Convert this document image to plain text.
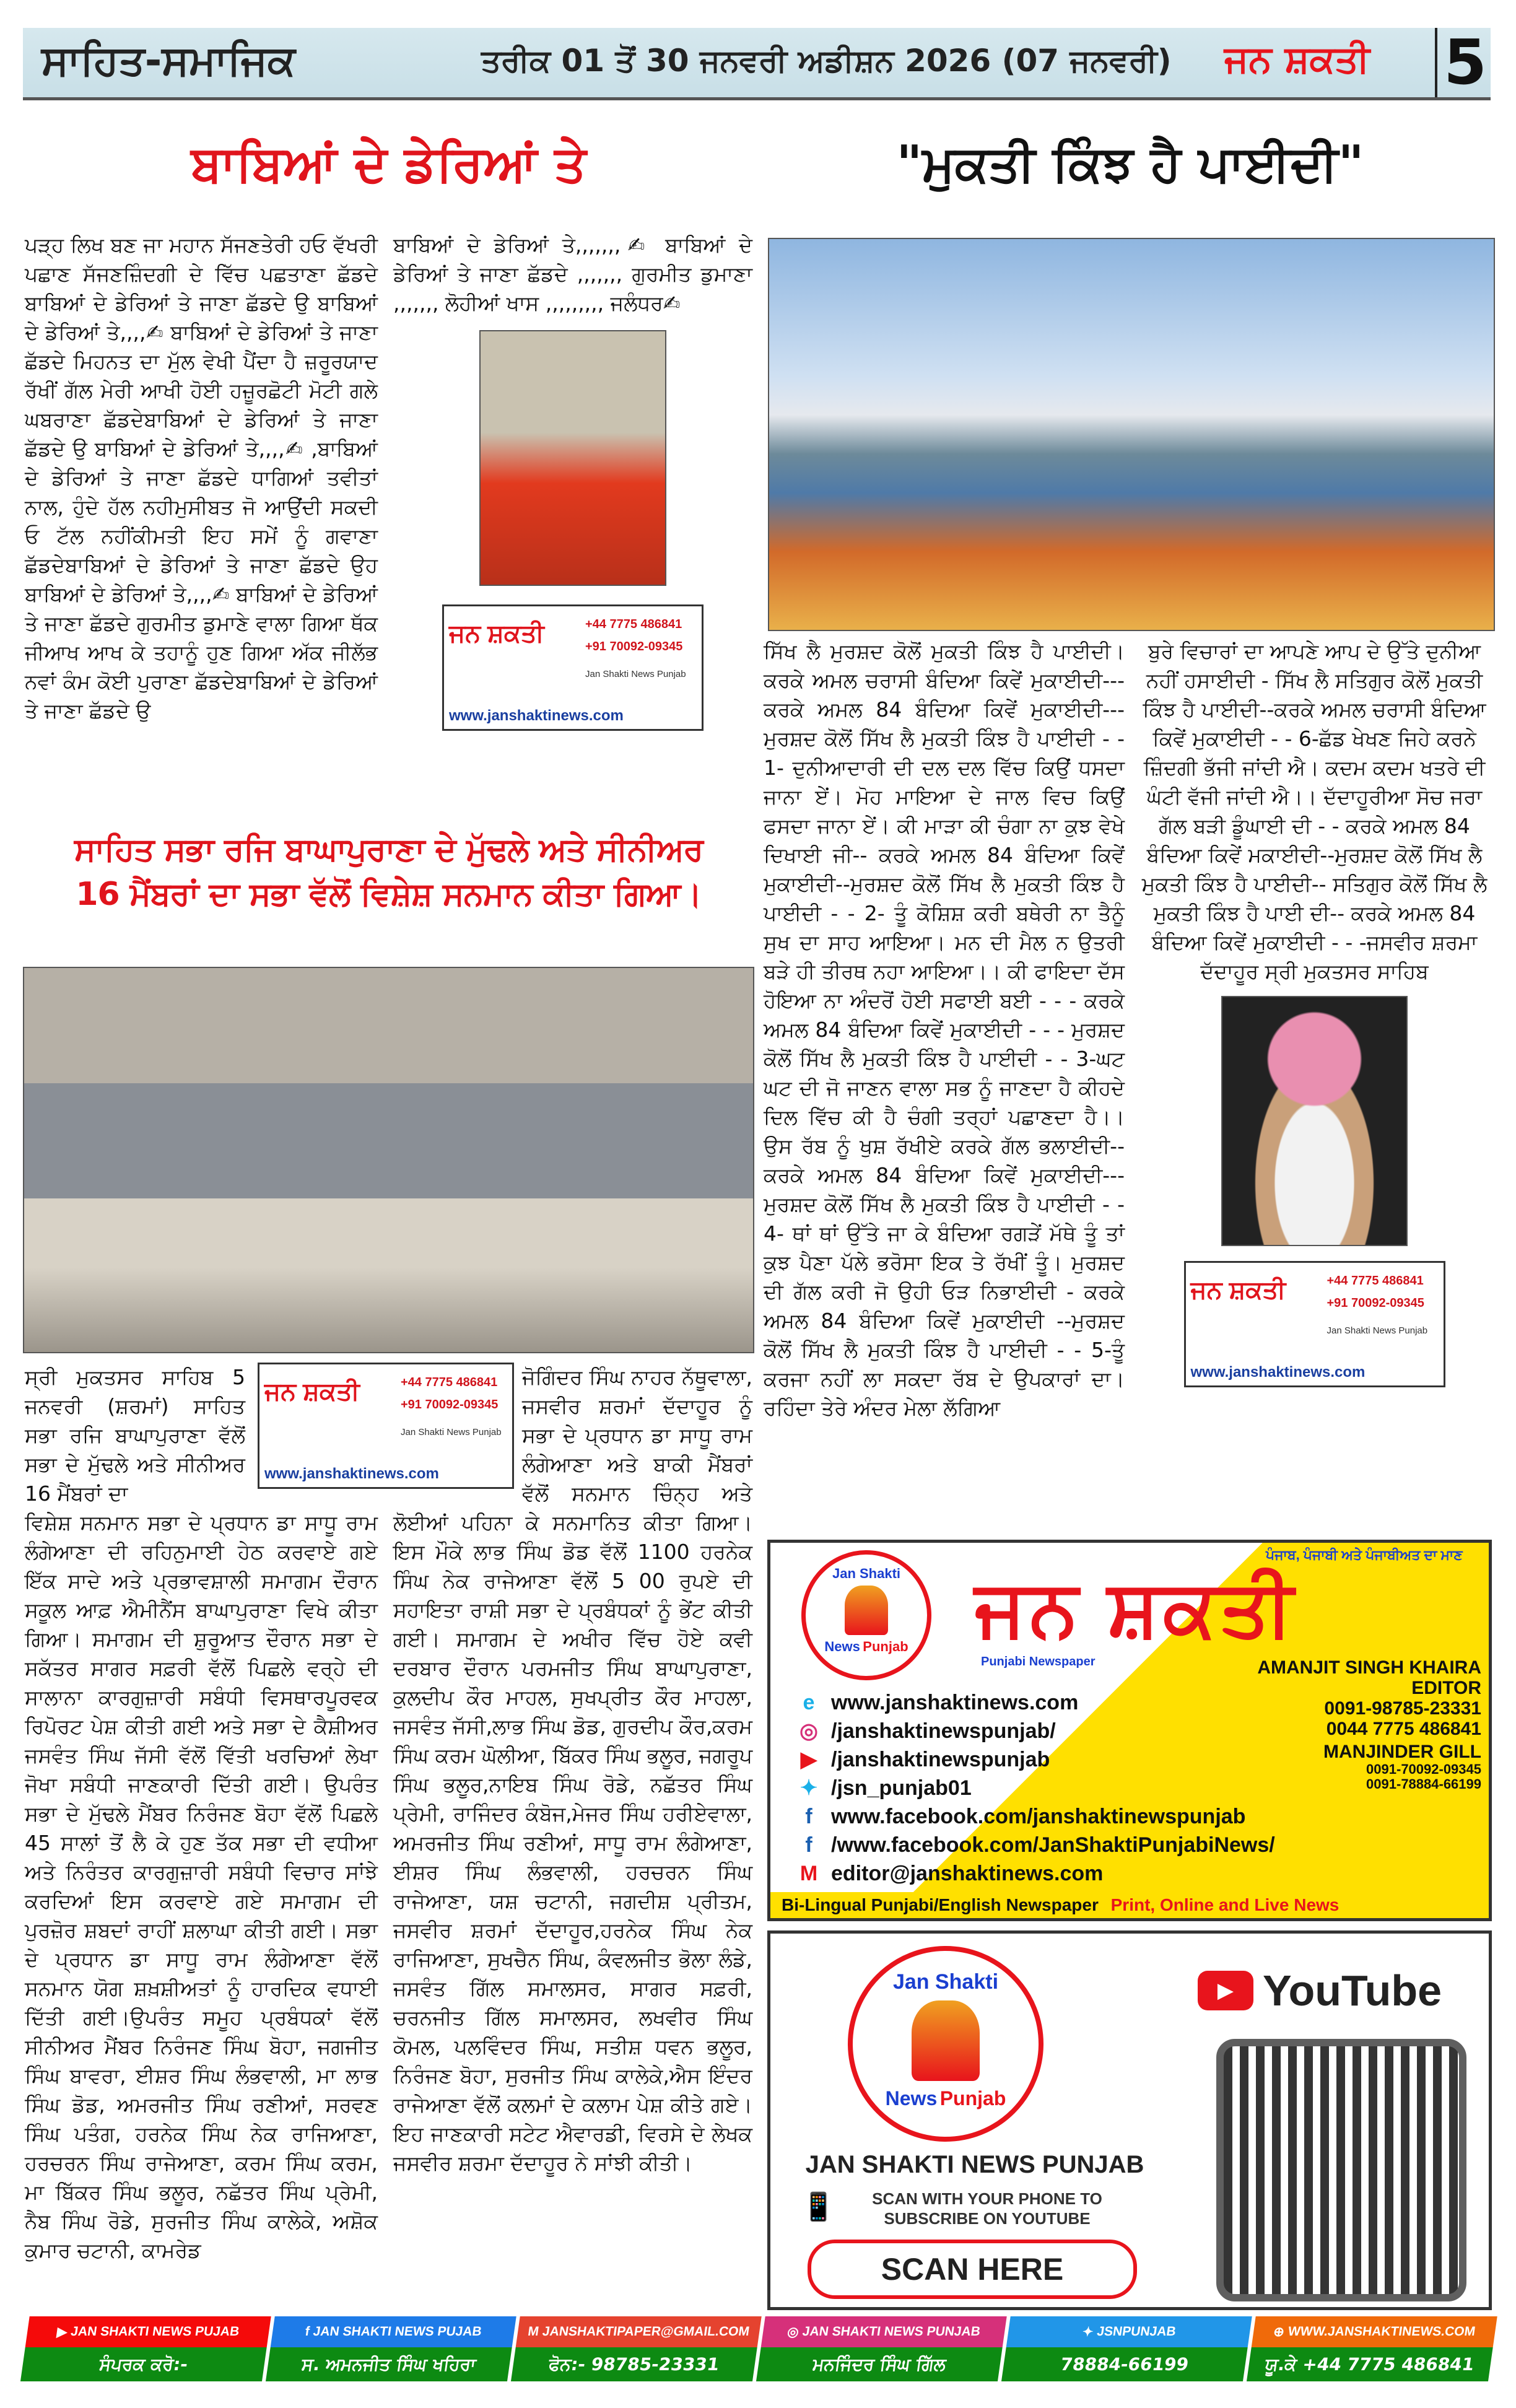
ਸਾਹਿਤ-ਸਮਾਜਿਕ	ਤਰੀਕ 01 ਤੋਂ 30 ਜਨਵਰੀ ਅਡੀਸ਼ਨ 2026 (07 ਜਨਵਰੀ) ਜਨ ਸ਼ਕਤੀ 5
ਬਾਬਿਆਂ ਦੇ ਡੇਰਿਆਂ ਤੇ
ਪੜ੍ਹ ਲਿਖ ਬਣ ਜਾ ਮਹਾਨ ਸੱਜਣਤੇਰੀ ਹਓ ਵੱਖਰੀ ਪਛਾਣ ਸੱਜਣਜ਼ਿੰਦਗੀ ਦੇ ਵਿੱਚ ਪਛਤਾਣਾ ਛੱਡਦੇ ਬਾਬਿਆਂ ਦੇ ਡੇਰਿਆਂ ਤੇ ਜਾਣਾ ਛੱਡਦੇ ਉ ਬਾਬਿਆਂ ਦੇ ਡੇਰਿਆਂ ਤੇ,,,,✍ ਬਾਬਿਆਂ ਦੇ ਡੇਰਿਆਂ ਤੇ ਜਾਣਾ ਛੱਡਦੇ ਮਿਹਨਤ ਦਾ ਮੁੱਲ ਵੇਖੀ ਪੈਂਦਾ ਹੈ ਜ਼ਰੂਰਯਾਦ ਰੱਖੀਂ ਗੱਲ ਮੇਰੀ ਆਖੀ ਹੋਈ ਹਜ਼ੂਰਛੋਟੀ ਮੋਟੀ ਗਲੇ ਘਬਰਾਣਾ ਛੱਡਦੇਬਾਬਿਆਂ ਦੇ ਡੇਰਿਆਂ ਤੇ ਜਾਣਾ ਛੱਡਦੇ ਉ ਬਾਬਿਆਂ ਦੇ ਡੇਰਿਆਂ ਤੇ,,,,✍ ,ਬਾਬਿਆਂ ਦੇ ਡੇਰਿਆਂ ਤੇ ਜਾਣਾ ਛੱਡਦੇ ਧਾਗਿਆਂ ਤਵੀਤਾਂ ਨਾਲ, ਹੁੰਦੇ ਹੱਲ ਨਹੀਮੁਸੀਬਤ ਜੋ ਆਉਂਦੀ ਸਕਦੀ ਓ ਟੱਲ ਨਹੀਂਕੀਮਤੀ ਇਹ ਸਮੇਂ ਨੂੰ ਗਵਾਣਾ ਛੱਡਦੇਬਾਬਿਆਂ ਦੇ ਡੇਰਿਆਂ ਤੇ ਜਾਣਾ ਛੱਡਦੇ ਉਹ ਬਾਬਿਆਂ ਦੇ ਡੇਰਿਆਂ ਤੇ,,,,✍ ਬਾਬਿਆਂ ਦੇ ਡੇਰਿਆਂ ਤੇ ਜਾਣਾ ਛੱਡਦੇ ਗੁਰਮੀਤ ਡੁਮਾਣੇ ਵਾਲਾ ਗਿਆ ਥੱਕ ਜੀਆਖ ਆਖ ਕੇ ਤਹਾਨੂੰ ਹੁਣ ਗਿਆ ਅੱਕ ਜੀਲੱਭ ਨਵਾਂ ਕੰਮ ਕੋਈ ਪੁਰਾਣਾ ਛੱਡਦੇਬਾਬਿਆਂ ਦੇ ਡੇਰਿਆਂ ਤੇ ਜਾਣਾ ਛੱਡਦੇ ਉ
ਬਾਬਿਆਂ ਦੇ ਡੇਰਿਆਂ ਤੇ,,,,,,,✍ ਬਾਬਿਆਂ ਦੇ ਡੇਰਿਆਂ ਤੇ ਜਾਣਾ ਛੱਡਦੇ ,,,,,,, ਗੁਰਮੀਤ ਡੁਮਾਣਾ ,,,,,,, ਲੋਹੀਆਂ ਖਾਸ ,,,,,,,,, ਜਲੰਧਰ✍
ਜਨ ਸ਼ਕਤੀ	+44 7775 486841
+91 70092-09345
Jan Shakti News Punjab
www.janshaktinews.com
"ਮੁਕਤੀ ਕਿੰਝ ਹੈ ਪਾਈਦੀ"
ਸਿੱਖ ਲੈ ਮੁਰਸ਼ਦ ਕੋਲੋਂ ਮੁਕਤੀ ਕਿੰਝ ਹੈ ਪਾਈਦੀ। ਕਰਕੇ ਅਮਲ ਚਰਾਸੀ ਬੰਦਿਆ ਕਿਵੇਂ ਮੁਕਾਈਦੀ--- ਕਰਕੇ ਅਮਲ 84 ਬੰਦਿਆ ਕਿਵੇਂ ਮੁਕਾਈਦੀ---ਮੁਰਸ਼ਦ ਕੋਲੋਂ ਸਿੱਖ ਲੈ ਮੁਕਤੀ ਕਿੰਝ ਹੈ ਪਾਈਦੀ - - 1- ਦੁਨੀਆਦਾਰੀ ਦੀ ਦਲ ਦਲ ਵਿੱਚ ਕਿਉਂ ਧਸਦਾ ਜਾਨਾ ਏਂ। ਮੋਹ ਮਾਇਆ ਦੇ ਜਾਲ ਵਿਚ ਕਿਉਂ ਫਸਦਾ ਜਾਨਾ ਏਂ। ਕੀ ਮਾੜਾ ਕੀ ਚੰਗਾ ਨਾ ਕੁਝ ਵੇਖੇ ਦਿਖਾਈ ਜੀ-- ਕਰਕੇ ਅਮਲ 84 ਬੰਦਿਆ ਕਿਵੇਂ ਮੁਕਾਈਦੀ--ਮੁਰਸ਼ਦ ਕੋਲੋਂ ਸਿੱਖ ਲੈ ਮੁਕਤੀ ਕਿੰਝ ਹੈ ਪਾਈਦੀ - - 2- ਤੂੰ ਕੋਸ਼ਿਸ਼ ਕਰੀ ਬਥੇਰੀ ਨਾ ਤੈਨੂੰ ਸੁਖ ਦਾ ਸਾਹ ਆਇਆ। ਮਨ ਦੀ ਮੈਲ ਨ ਉਤਰੀ ਬੜੇ ਹੀ ਤੀਰਥ ਨਹਾ ਆਇਆ।। ਕੀ ਫਾਇਦਾ ਦੱਸ ਹੋਇਆ ਨਾ ਅੰਦਰੋਂ ਹੋਈ ਸਫਾਈ ਬਈ - - - ਕਰਕੇ ਅਮਲ 84 ਬੰਦਿਆ ਕਿਵੇਂ ਮੁਕਾਈਦੀ - - - ਮੁਰਸ਼ਦ ਕੋਲੋਂ ਸਿੱਖ ਲੈ ਮੁਕਤੀ ਕਿੰਝ ਹੈ ਪਾਈਦੀ - - 3-ਘਟ ਘਟ ਦੀ ਜੋ ਜਾਣਨ ਵਾਲਾ ਸਭ ਨੂੰ ਜਾਣਦਾ ਹੈ ਕੀਹਦੇ ਦਿਲ ਵਿੱਚ ਕੀ ਹੈ ਚੰਗੀ ਤਰ੍ਹਾਂ ਪਛਾਣਦਾ ਹੈ।। ਉਸ ਰੱਬ ਨੂੰ ਖੁਸ਼ ਰੱਖੀਏ ਕਰਕੇ ਗੱਲ ਭਲਾਈਦੀ-- ਕਰਕੇ ਅਮਲ 84 ਬੰਦਿਆ ਕਿਵੇਂ ਮੁਕਾਈਦੀ---ਮੁਰਸ਼ਦ ਕੋਲੋਂ ਸਿੱਖ ਲੈ ਮੁਕਤੀ ਕਿੰਝ ਹੈ ਪਾਈਦੀ - - 4- ਥਾਂ ਥਾਂ ਉੱਤੇ ਜਾ ਕੇ ਬੰਦਿਆ ਰਗੜੇਂ ਮੱਥੇ ਤੂੰ ਤਾਂ ਕੁਝ ਪੈਣਾ ਪੱਲੇ ਭਰੋਸਾ ਇਕ ਤੇ ਰੱਖੀਂ ਤੂੰ। ਮੁਰਸ਼ਦ ਦੀ ਗੱਲ ਕਰੀ ਜੋ ਉਹੀ ਓੜ ਨਿਭਾਈਦੀ - ਕਰਕੇ ਅਮਲ 84 ਬੰਦਿਆ ਕਿਵੇਂ ਮੁਕਾਈਦੀ --ਮੁਰਸ਼ਦ ਕੋਲੋਂ ਸਿੱਖ ਲੈ ਮੁਕਤੀ ਕਿੰਝ ਹੈ ਪਾਈਦੀ - - 5-ਤੂੰ ਕਰਜਾ ਨਹੀਂ ਲਾ ਸਕਦਾ ਰੱਬ ਦੇ ਉਪਕਾਰਾਂ ਦਾ। ਰਹਿੰਦਾ ਤੇਰੇ ਅੰਦਰ ਮੇਲਾ ਲੱਗਿਆ
ਬੁਰੇ ਵਿਚਾਰਾਂ ਦਾ ਆਪਣੇ ਆਪ ਦੇ ਉੱਤੇ ਦੁਨੀਆ ਨਹੀਂ ਹਸਾਈਦੀ - ਸਿੱਖ ਲੈ ਸਤਿਗੁਰ ਕੋਲੋਂ ਮੁਕਤੀ ਕਿੰਝ ਹੈ ਪਾਈਦੀ--ਕਰਕੇ ਅਮਲ ਚਰਾਸੀ ਬੰਦਿਆ ਕਿਵੇਂ ਮੁਕਾਈਦੀ - - 6-ਛੱਡ ਖੇਖਣ ਜਿਹੇ ਕਰਨੇ ਜ਼ਿੰਦਗੀ ਭੱਜੀ ਜਾਂਦੀ ਐ। ਕਦਮ ਕਦਮ ਖਤਰੇ ਦੀ ਘੰਟੀ ਵੱਜੀ ਜਾਂਦੀ ਐ।। ਦੱਦਾਹੂਰੀਆ ਸੋਚ ਜਰਾ ਗੱਲ ਬੜੀ ਡੂੰਘਾਈ ਦੀ - - ਕਰਕੇ ਅਮਲ 84 ਬੰਦਿਆ ਕਿਵੇਂ ਮਕਾਈਦੀ--ਮੁਰਸ਼ਦ ਕੋਲੋਂ ਸਿੱਖ ਲੈ ਮੁਕਤੀ ਕਿੰਝ ਹੈ ਪਾਈਦੀ-- ਸਤਿਗੁਰ ਕੋਲੋਂ ਸਿੱਖ ਲੈ ਮੁਕਤੀ ਕਿੰਝ ਹੈ ਪਾਈ ਦੀ-- ਕਰਕੇ ਅਮਲ 84 ਬੰਦਿਆ ਕਿਵੇਂ ਮੁਕਾਈਦੀ - - -ਜਸਵੀਰ ਸ਼ਰਮਾ ਦੱਦਾਹੂਰ ਸ੍ਰੀ ਮੁਕਤਸਰ ਸਾਹਿਬ
ਜਨ ਸ਼ਕਤੀ	+44 7775 486841
+91 70092-09345
Jan Shakti News Punjab
www.janshaktinews.com
ਸਾਹਿਤ ਸਭਾ ਰਜਿ ਬਾਘਾਪੁਰਾਣਾ ਦੇ ਮੁੱਢਲੇ ਅਤੇ ਸੀਨੀਅਰ
16 ਮੈਂਬਰਾਂ ਦਾ ਸਭਾ ਵੱਲੋਂ ਵਿਸ਼ੇਸ਼ ਸਨਮਾਨ ਕੀਤਾ ਗਿਆ।
ਸ੍ਰੀ ਮੁਕਤਸਰ ਸਾਹਿਬ 5 ਜਨਵਰੀ (ਸ਼ਰਮਾਂ) ਸਾਹਿਤ ਸਭਾ ਰਜਿ ਬਾਘਾਪੁਰਾਣਾ ਵੱਲੋਂ ਸਭਾ ਦੇ ਮੁੱਢਲੇ ਅਤੇ ਸੀਨੀਅਰ 16 ਮੈਂਬਰਾਂ ਦਾ
ਵਿਸ਼ੇਸ਼ ਸਨਮਾਨ ਸਭਾ ਦੇ ਪ੍ਰਧਾਨ ਡਾ ਸਾਧੂ ਰਾਮ ਲੰਗੇਆਣਾ ਦੀ ਰਹਿਨੁਮਾਈ ਹੇਠ ਕਰਵਾਏ ਗਏ ਇੱਕ ਸਾਦੇ ਅਤੇ ਪ੍ਰਭਾਵਸ਼ਾਲੀ ਸਮਾਗਮ ਦੌਰਾਨ ਸਕੂਲ ਆਫ਼ ਐਮੀਨੈਂਸ ਬਾਘਾਪੁਰਾਣਾ ਵਿਖੇ ਕੀਤਾ ਗਿਆ। ਸਮਾਗਮ ਦੀ ਸ਼ੁਰੂਆਤ ਦੌਰਾਨ ਸਭਾ ਦੇ ਸਕੱਤਰ ਸਾਗਰ ਸਫ਼ਰੀ ਵੱਲੋਂ ਪਿਛਲੇ ਵਰ੍ਹੇ ਦੀ ਸਾਲਾਨਾ ਕਾਰਗੁਜ਼ਾਰੀ ਸਬੰਧੀ ਵਿਸਥਾਰਪੂਰਵਕ ਰਿਪੋਰਟ ਪੇਸ਼ ਕੀਤੀ ਗਈ ਅਤੇ ਸਭਾ ਦੇ ਕੈਸ਼ੀਅਰ ਜਸਵੰਤ ਸਿੰਘ ਜੱਸੀ ਵੱਲੋਂ ਵਿੱਤੀ ਖਰਚਿਆਂ ਲੇਖਾ ਜੋਖਾ ਸਬੰਧੀ ਜਾਣਕਾਰੀ ਦਿੱਤੀ ਗਈ। ਉਪਰੰਤ ਸਭਾ ਦੇ ਮੁੱਢਲੇ ਮੈਂਬਰ ਨਿਰੰਜਣ ਬੋਹਾ ਵੱਲੋਂ ਪਿਛਲੇ 45 ਸਾਲਾਂ ਤੋਂ ਲੈ ਕੇ ਹੁਣ ਤੱਕ ਸਭਾ ਦੀ ਵਧੀਆ ਅਤੇ ਨਿਰੰਤਰ ਕਾਰਗੁਜ਼ਾਰੀ ਸਬੰਧੀ ਵਿਚਾਰ ਸਾਂਝੇ ਕਰਦਿਆਂ ਇਸ ਕਰਵਾਏ ਗਏ ਸਮਾਗਮ ਦੀ ਪੁਰਜ਼ੋਰ ਸ਼ਬਦਾਂ ਰਾਹੀਂ ਸ਼ਲਾਘਾ ਕੀਤੀ ਗਈ। ਸਭਾ ਦੇ ਪ੍ਰਧਾਨ ਡਾ ਸਾਧੂ ਰਾਮ ਲੰਗੇਆਣਾ ਵੱਲੋਂ ਸਨਮਾਨ ਯੋਗ ਸ਼ਖ਼ਸ਼ੀਅਤਾਂ ਨੂੰ ਹਾਰਦਿਕ ਵਧਾਈ ਦਿੱਤੀ ਗਈ।ਉਪਰੰਤ ਸਮੂਹ ਪ੍ਰਬੰਧਕਾਂ ਵੱਲੋਂ ਸੀਨੀਅਰ ਮੈਂਬਰ ਨਿਰੰਜਣ ਸਿੰਘ ਬੋਹਾ, ਜਗਜੀਤ ਸਿੰਘ ਬਾਵਰਾ, ਈਸ਼ਰ ਸਿੰਘ ਲੰਭਵਾਲੀ, ਮਾ ਲਾਭ ਸਿੰਘ ਡੋਡ, ਅਮਰਜੀਤ ਸਿੰਘ ਰਣੀਆਂ, ਸਰਵਣ ਸਿੰਘ ਪਤੰਗ, ਹਰਨੇਕ ਸਿੰਘ ਨੇਕ ਰਾਜਿਆਣਾ, ਹਰਚਰਨ ਸਿੰਘ ਰਾਜੇਆਣਾ, ਕਰਮ ਸਿੰਘ ਕਰਮ, ਮਾ ਬਿੱਕਰ ਸਿੰਘ ਭਲੂਰ, ਨਛੱਤਰ ਸਿੰਘ ਪ੍ਰੇਮੀ, ਨੈਬ ਸਿੰਘ ਰੋਡੇ, ਸੁਰਜੀਤ ਸਿੰਘ ਕਾਲੇਕੇ, ਅਸ਼ੋਕ ਕੁਮਾਰ ਚਟਾਨੀ, ਕਾਮਰੇਡ
ਜੋਗਿੰਦਰ ਸਿੰਘ ਨਾਹਰ ਨੱਥੂਵਾਲਾ, ਜਸਵੀਰ ਸ਼ਰਮਾਂ ਦੱਦਾਹੂਰ ਨੂੰ ਸਭਾ ਦੇ ਪ੍ਰਧਾਨ ਡਾ ਸਾਧੂ ਰਾਮ ਲੰਗੇਆਣਾ ਅਤੇ ਬਾਕੀ ਮੈਂਬਰਾਂ ਵੱਲੋਂ ਸਨਮਾਨ ਚਿੰਨ੍ਹ ਅਤੇ ਲੋਈਆਂ ਪਹਿਨਾ ਕੇ ਸਨਮਾਨਿਤ ਕੀਤਾ ਗਿਆ। ਇਸ ਮੌਕੇ ਲਾਭ ਸਿੰਘ ਡੋਡ ਵੱਲੋਂ 1100 ਹਰਨੇਕ ਸਿੰਘ ਨੇਕ ਰਾਜੇਆਣਾ ਵੱਲੋਂ 5 00 ਰੁਪਏ ਦੀ ਸਹਾਇਤਾ ਰਾਸ਼ੀ ਸਭਾ ਦੇ ਪ੍ਰਬੰਧਕਾਂ ਨੂੰ ਭੇਂਟ ਕੀਤੀ ਗਈ। ਸਮਾਗਮ ਦੇ ਅਖੀਰ ਵਿੱਚ ਹੋਏ ਕਵੀ ਦਰਬਾਰ ਦੌਰਾਨ ਪਰਮਜੀਤ ਸਿੰਘ ਬਾਘਾਪੁਰਾਣਾ, ਕੁਲਦੀਪ ਕੌਰ ਮਾਹਲ, ਸੁਖਪ੍ਰੀਤ ਕੌਰ ਮਾਹਲਾ, ਜਸਵੰਤ ਜੱਸੀ,ਲਾਭ ਸਿੰਘ ਡੋਡ, ਗੁਰਦੀਪ ਕੌਰ,ਕਰਮ ਸਿੰਘ ਕਰਮ ਘੋਲੀਆ, ਬਿੱਕਰ ਸਿੰਘ ਭਲੂਰ, ਜਗਰੂਪ ਸਿੰਘ ਭਲੂਰ,ਨਾਇਬ ਸਿੰਘ ਰੋਡੇ, ਨਛੱਤਰ ਸਿੰਘ ਪ੍ਰੇਮੀ, ਰਾਜਿੰਦਰ ਕੰਬੋਜ,ਮੇਜਰ ਸਿੰਘ ਹਰੀਏਵਾਲਾ, ਅਮਰਜੀਤ ਸਿੰਘ ਰਣੀਆਂ, ਸਾਧੂ ਰਾਮ ਲੰਗੇਆਣਾ, ਈਸ਼ਰ ਸਿੰਘ ਲੰਭਵਾਲੀ, ਹਰਚਰਨ ਸਿੰਘ ਰਾਜੇਆਣਾ, ਯਸ਼ ਚਟਾਨੀ, ਜਗਦੀਸ਼ ਪ੍ਰੀਤਮ, ਜਸਵੀਰ ਸ਼ਰਮਾਂ ਦੱਦਾਹੂਰ,ਹਰਨੇਕ ਸਿੰਘ ਨੇਕ ਰਾਜਿਆਣਾ, ਸੁਖਚੈਨ ਸਿੰਘ, ਕੰਵਲਜੀਤ ਭੋਲਾ ਲੰਡੇ, ਜਸਵੰਤ ਗਿੱਲ ਸਮਾਲਸਰ, ਸਾਗਰ ਸਫ਼ਰੀ, ਚਰਨਜੀਤ ਗਿੱਲ ਸਮਾਲਸਰ, ਲਖਵੀਰ ਸਿੰਘ ਕੋਮਲ, ਪਲਵਿੰਦਰ ਸਿੰਘ, ਸਤੀਸ਼ ਧਵਨ ਭਲੂਰ, ਨਿਰੰਜਣ ਬੋਹਾ, ਸੁਰਜੀਤ ਸਿੰਘ ਕਾਲੇਕੇ,ਐਸ ਇੰਦਰ ਰਾਜੇਆਣਾ ਵੱਲੋਂ ਕਲਮਾਂ ਦੇ ਕਲਾਮ ਪੇਸ਼ ਕੀਤੇ ਗਏ।ਇਹ ਜਾਣਕਾਰੀ ਸਟੇਟ ਐਵਾਰਡੀ, ਵਿਰਸੇ ਦੇ ਲੇਖਕ ਜਸਵੀਰ ਸ਼ਰਮਾ ਦੱਦਾਹੂਰ ਨੇ ਸਾਂਝੀ ਕੀਤੀ।
ਜਨ ਸ਼ਕਤੀ	+44 7775 486841
+91 70092-09345
Jan Shakti News Punjab
www.janshaktinews.com
Jan Shakti
News Punjab
ਪੰਜਾਬ, ਪੰਜਾਬੀ ਅਤੇ ਪੰਜਾਬੀਅਤ ਦਾ ਮਾਣ
ਜਨ ਸ਼ਕਤੀ
Punjabi Newspaper	AMANJIT SINGH KHAIRA
EDITOR
0091-98785-23331
0044 7775 486841
MANJINDER GILL
0091-70092-09345
0091-78884-66199
e www.janshaktinews.com
◎ /janshaktinewspunjab/
▶ /janshaktinewspunjab
✦ /jsn_punjab01
f www.facebook.com/janshaktinewspunjab
f /www.facebook.com/JanShaktiPunjabiNews/
M editor@janshaktinews.com
Bi-Lingual Punjabi/English Newspaper Print, Online and Live News
Jan Shakti
News Punjab
JAN SHAKTI NEWS PUNJAB
📱	SCAN WITH YOUR PHONE TO
SUBSCRIBE ON YOUTUBE
SCAN HERE
▶ YouTube
▶ JAN SHAKTI NEWS PUJAB
ਸੰਪਰਕ ਕਰੋ:-
f JAN SHAKTI NEWS PUJAB
ਸ. ਅਮਨਜੀਤ ਸਿੰਘ ਖਹਿਰਾ
M JANSHAKTIPAPER@GMAIL.COM
ਫੋਨ:- 98785-23331
◎ JAN SHAKTI NEWS PUNJAB
ਮਨਜਿੰਦਰ ਸਿੰਘ ਗਿੱਲ
✦ JSNPUNJAB
78884-66199
⊕ WWW.JANSHAKTINEWS.COM
ਯੂ.ਕੇ +44 7775 486841
